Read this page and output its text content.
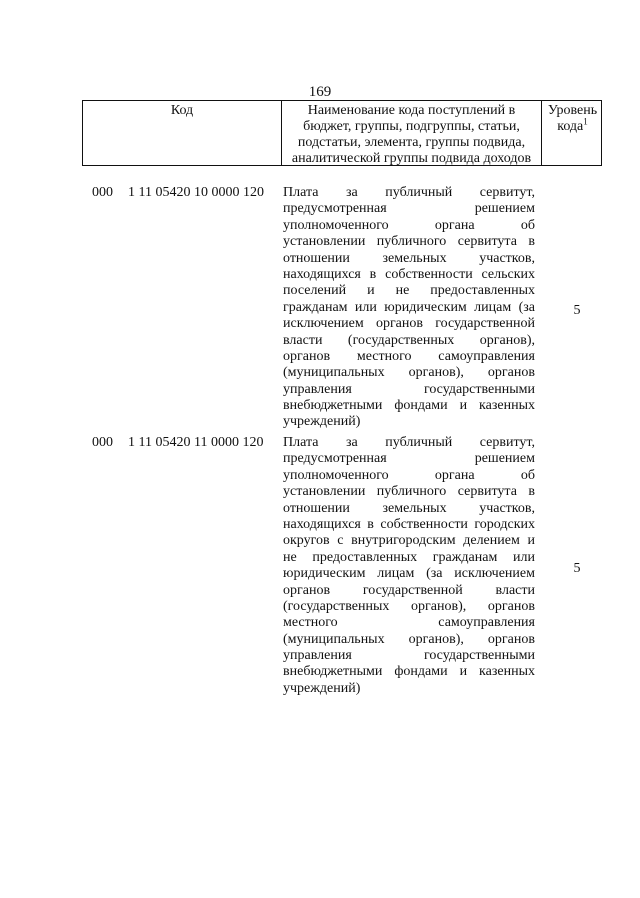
169
Код	Наименование кода поступлений в
бюджет, группы, подгруппы, статьи,
подстатьи, элемента, группы подвида,
аналитической группы подвида доходов
Уровень
кода$^1$
000 1 11 05420 10 0000 120 Плата за публичный сервитут,
предусмотренная решением
уполномоченного органа об
установлении публичного сервитута в
отношении земельных участков,
находящихся в собственности сельских
поселений и не предоставленных
гражданам или юридическим лицам (за
исключением органов государственной
власти (государственных органов),
органов местного самоуправления
(муниципальных органов), органов
управления государственными
внебюджетными фондами и казенных
учреждений)
5
000 1 11 05420 11 0000 120 Плата за публичный сервитут,
предусмотренная решением
уполномоченного органа об
установлении публичного сервитута в
отношении земельных участков,
находящихся в собственности городских
округов с внутригородским делением и
не предоставленных гражданам или
юридическим лицам (за исключением
органов государственной власти
(государственных органов), органов
местного самоуправления
(муниципальных органов), органов
управления государственными
внебюджетными фондами и казенных
учреждений)
5
